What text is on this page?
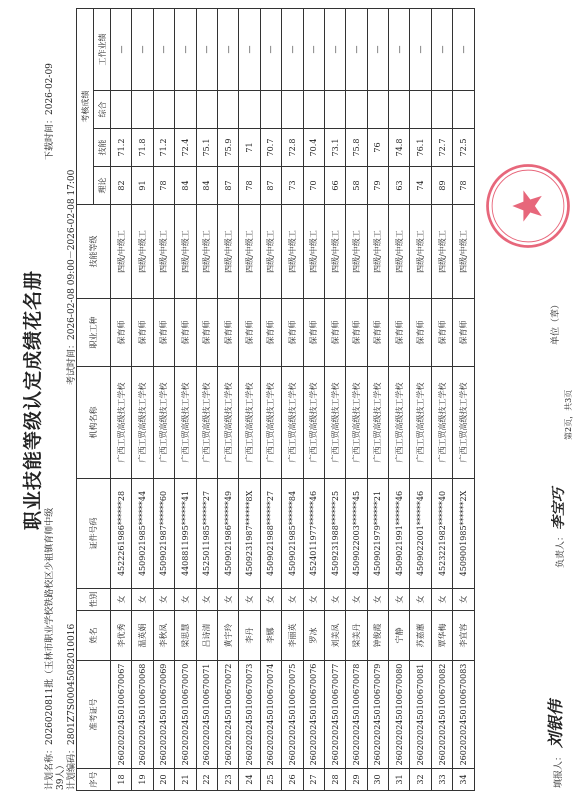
职业技能等级认定成绩花名册
计划名称：2026020811批（玉林市职业学校铁路校区少祖镇育师中级 39人） 计划编码：2801Z7S00045082010016
考试时间：2026-02-08 09:00－2026-02-08 17:00
下载时间：2026-02-09
序号	准考证号	姓名	性别	证件号码	机构名称	职业工种	技能等级	考核成绩			
								理论	技能	综合	工作业绩
18	26020202450100670067	李优秀	女	4522261986******28	广西工贸高级技工学校	保育师	四级/中级工	82	71.2		—
19	26020202450100670068	温英娟	女	4509021985******44	广西工贸高级技工学校	保育师	四级/中级工	91	71.8		—
20	26020202450100670069	李秋凤	女	4509021987******60	广西工贸高级技工学校	保育师	四级/中级工	78	71.2		—
21	26020202450100670070	梁思慧	女	4408811995******41	广西工贸高级技工学校	保育师	四级/中级工	84	72.4		—
22	26020202450100670071	吕诗清	女	4525011985******27	广西工贸高级技工学校	保育师	四级/中级工	84	75.1		—
23	26020202450100670072	黄宇玲	女	4509021986******49	广西工贸高级技工学校	保育师	四级/中级工	87	75.9		—
24	26020202450100670073	李丹	女	4509231987******8X	广西工贸高级技工学校	保育师	四级/中级工	78	71		—
25	26020202450100670074	李娜	女	4509021988******27	广西工贸高级技工学校	保育师	四级/中级工	87	70.7		—
26	26020202450100670075	李丽英	女	4509021985******84	广西工贸高级技工学校	保育师	四级/中级工	73	72.8		—
27	26020202450100670076	罗冰	女	4524011977******46	广西工贸高级技工学校	保育师	四级/中级工	70	70.4		—
28	26020202450100670077	刘美凤	女	4509231988******25	广西工贸高级技工学校	保育师	四级/中级工	66	73.1		—
29	26020202450100670078	梁美丹	女	4509022003******45	广西工贸高级技工学校	保育师	四级/中级工	58	75.8		—
30	26020202450100670079	钟俊霞	女	4509021979******21	广西工贸高级技工学校	保育师	四级/中级工	79	76		—
31	26020202450100670080	宁静	女	4509021991******46	广西工贸高级技工学校	保育师	四级/中级工	63	74.8		—
32	26020202450100670081	苏嘉蕙	女	4509022001******46	广西工贸高级技工学校	保育师	四级/中级工	74	76.1		—
33	26020202450100670082	覃华梅	女	4523221982******40	广西工贸高级技工学校	保育师	四级/中级工	89	72.7		—
34	26020202450100670083	李宜容	女	4509001985******2X	广西工贸高级技工学校	保育师	四级/中级工	78	72.5		—
填报人：刘银伟
负责人：李宝巧
单位（章）
第2页，共3页
